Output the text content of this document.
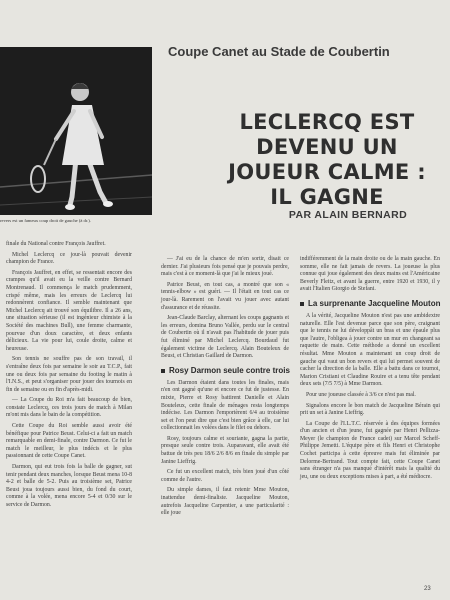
revers est un fameux coup droit de gauche (à dr.).
Coupe Canet au Stade de Coubertin
LECLERCQ EST
DEVENU UN JOUEUR CALME :
IL GAGNE
PAR ALAIN BERNARD

finale du National contre François Jauffret.

Michel Leclercq ce jour-là pouvait devenir champion de France.

François Jauffret, en effet, se ressentait encore des crampes qu'il avait eu la veille contre Bernard Montrenaud. Il commença le match prudemment, crispé même, mais les erreurs de Leclercq lui redonnèrent confiance. Il semble maintenant que Michel Leclercq ait trouvé son équilibre. Il a 26 ans, une situation sérieuse (il est ingénieur chimiste à la Société des machines Bull), une femme charmante, pourvue d'un doux caractère, et deux enfants délicieux. La vie pour lui, coule droite, calme et heureuse.

Son tennis ne souffre pas de son travail, il s'entraîne deux fois par semaine le soir au T.C.P., fait une ou deux fois par semaine du footing le matin à l'I.N.S., et peut s'organiser pour jouer des tournois en fin de semaine ou en fin d'après-midi.

— La Coupe du Roi m'a fait beaucoup de bien, constate Leclercq, ces trois jours de match à Milan m'ont mis dans le bain de la compétition.

Cette Coupe du Roi semble aussi avoir été bénéfique pour Patrice Beust. Celui-ci a fait un match remarquable en demi-finale, contre Darmon. Ce fut le match le meilleur, le plus indécis et le plus passionnant de cette Coupe Canet.

Darmon, qui eut trois fois la balle de gagner, sut tenir pendant deux manches, lorsque Beust mena 10-8 4-2 et balle de 5-2. Puis au troisième set, Patrice Beust joua toujours aussi bien, du fond du court, comme à la volée, mena encore 5-4 et 0/30 sur le service de Darmon.

— J'ai eu de la chance de m'en sortir, disait ce dernier. J'ai plusieurs fois pensé que je pouvais perdre, mais c'est à ce moment-là que j'ai le mieux joué.

Patrice Beust, en tout cas, a montré que son « tennis-elbow » est guéri. — Il l'était en tout cas ce jour-là. Rarement on l'avait vu jouer avec autant d'assurance et de réussite.

Jean-Claude Barclay, alternant les coups gagnants et les erreurs, domina Bruno Vallée, perdu sur le central de Coubertin où il n'avait pas l'habitude de jouer puis fut éliminé par Michel Leclercq. Bourdaud fut également victime de Leclercq. Alain Bouteleux de Beust, et Christian Gaillard de Darmon.

Rosy Darmon seule contre trois

Les Darmon étaient dans toutes les finales, mais n'en ont gagné qu'une et encore ce fut de justesse. En mixte, Pierre et Rosy battirent Danielle et Alain Bouteleux, cette finale de ménages resta longtemps indécise. Les Darmon l'emportèrent 6/4 au troisième set et l'on peut dire que c'est bien grâce à elle, car lui collectionnait les volées dans le filet ou dehors.

Rosy, toujours calme et souriante, gagna la partie, presque seule contre trois. Auparavant, elle avait été battue de très peu 18/6 2/6 8/6 en finale du simple par Janine Lieffrig.

Ce fut un excellent match, très bien joué d'un côté comme de l'autre.

Du simple dames, il faut retenir Mme Mouton, inattendue demi-finaliste. Jacqueline Mouton, autrefois Jacqueline Carpentier, a une particularité : elle joue

indifféremment de la main droite ou de la main gauche. En somme, elle ne fait jamais de revers. La joueuse la plus connue qui joue également des deux mains est l'Américaine Beverly Fleitz, et avant la guerre, entre 1920 et 1930, il y avait l'Italien Giorgio de Stefani.

La surprenante Jacqueline Mouton

A la vérité, Jacqueline Mouton n'est pas une ambidextre naturelle. Elle l'est devenue parce que son père, craignant que le tennis ne lui développât un bras et une épaule plus que l'autre, l'obligea à jouer contre un mur en changeant sa raquette de main. Cette méthode a donné un excellent résultat. Mme Mouton a maintenant un coup droit de gauche qui vaut un bon revers et qui lui permet souvent de cacher la direction de la balle. Elle a battu dans ce tournoi, Marion Cristiani et Claudine Rouire et a tenu tête pendant deux sets (7/5 7/5) à Mme Darmon.

Pour une joueuse classée à 3/6 ce n'est pas mal.

Signalons encore le bon match de Jacqueline Bérain qui prit un set à Janine Lieffrig.

La Coupe de l'I.L.T.C. réservée à des équipes formées d'un ancien et d'un jeune, fut gagnée par Henri Pellizza-Meyer (le champion de France cadet) sur Marcel Scheff-Philippe Jemetti. L'équipe père et fils Henri et Christophe Cochet participa à cette épreuve mais fut éliminée par Delorme-Bertrand. Tout compte fait, cette Coupe Canet sans étranger n'a pas manqué d'intérêt mais la qualité du jeu, une ou deux exceptions mises à part, a été médiocre.

23
